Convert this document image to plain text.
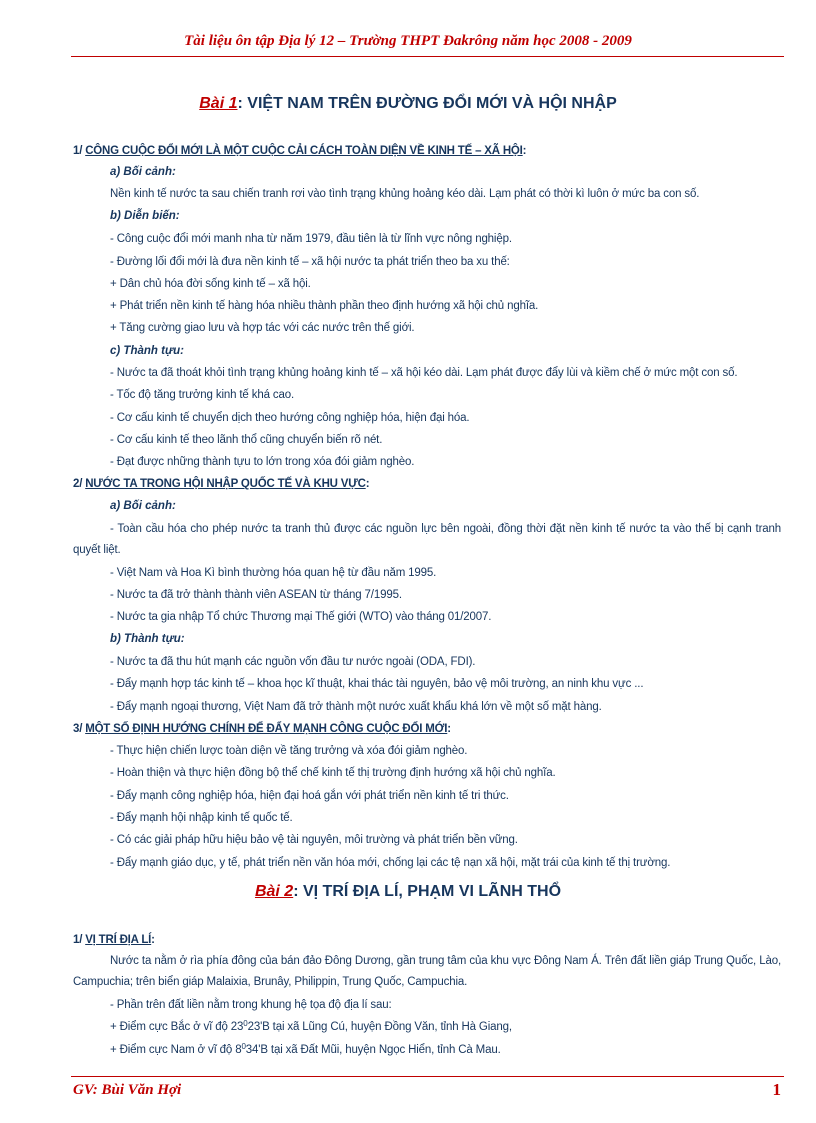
Tài liệu ôn tập Địa lý 12 – Trường THPT Đakrông năm học 2008 - 2009
Bài 1: VIỆT NAM TRÊN ĐƯỜNG ĐỔI MỚI VÀ HỘI NHẬP
1/ CÔNG CUỘC ĐỔI MỚI LÀ MỘT CUỘC CẢI CÁCH TOÀN DIỆN VỀ KINH TẾ – XÃ HỘI:
a) Bối cảnh:
Nền kinh tế nước ta sau chiến tranh rơi vào tình trạng khủng hoảng kéo dài. Lạm phát có thời kì luôn ở mức ba con số.
b) Diễn biến:
- Công cuộc đổi mới manh nha từ năm 1979, đầu tiên là từ lĩnh vực nông nghiệp.
- Đường lối đổi mới là đưa nền kinh tế – xã hội nước ta phát triển theo ba xu thế:
+ Dân chủ hóa đời sống kinh tế – xã hội.
+ Phát triển nền kinh tế hàng hóa nhiều thành phần theo định hướng xã hội chủ nghĩa.
+ Tăng cường giao lưu và hợp tác với các nước trên thế giới.
c) Thành tựu:
- Nước ta đã thoát khỏi tình trạng khủng hoảng kinh tế – xã hội kéo dài. Lạm phát được đẩy lùi và kiềm chế ở mức một con số.
- Tốc độ tăng trưởng kinh tế khá cao.
- Cơ cấu kinh tế chuyển dịch theo hướng công nghiệp hóa, hiện đại hóa.
- Cơ cấu kinh tế theo lãnh thổ cũng chuyển biến rõ nét.
- Đạt được những thành tựu to lớn trong xóa đói giảm nghèo.
2/ NƯỚC TA TRONG HỘI NHẬP QUỐC TẾ VÀ KHU VỰC:
a) Bối cảnh:
- Toàn cầu hóa cho phép nước ta tranh thủ được các nguồn lực bên ngoài, đồng thời đặt nền kinh tế nước ta vào thế bị cạnh tranh quyết liệt.
- Việt Nam và Hoa Kì bình thường hóa quan hệ từ đầu năm 1995.
- Nước ta đã trở thành thành viên ASEAN từ tháng 7/1995.
- Nước ta gia nhập Tổ chức Thương mại Thế giới (WTO) vào tháng 01/2007.
b) Thành tựu:
- Nước ta đã thu hút mạnh các nguồn vốn đầu tư nước ngoài (ODA, FDI).
- Đẩy mạnh hợp tác kinh tế – khoa học kĩ thuật, khai thác tài nguyên, bảo vệ môi trường, an ninh khu vực ...
- Đẩy mạnh ngoại thương, Việt Nam đã trở thành một nước xuất khẩu khá lớn về một số mặt hàng.
3/ MỘT SỐ ĐỊNH HƯỚNG CHÍNH ĐỂ ĐẨY MẠNH CÔNG CUỘC ĐỔI MỚI:
- Thực hiện chiến lược toàn diện về tăng trưởng và xóa đói giảm nghèo.
- Hoàn thiện và thực hiện đồng bộ thể chế kinh tế thị trường định hướng xã hội chủ nghĩa.
- Đẩy mạnh công nghiệp hóa, hiện đại hoá gắn với phát triển nền kinh tế tri thức.
- Đẩy mạnh hội nhập kinh tế quốc tế.
- Có các giải pháp hữu hiệu bảo vệ tài nguyên, môi trường và phát triển bền vững.
- Đẩy mạnh giáo dục, y tế, phát triển nền văn hóa mới, chống lại các tệ nạn xã hội, mặt trái của kinh tế thị trường.
Bài 2: VỊ TRÍ ĐỊA LÍ, PHẠM VI LÃNH THỔ
1/ VỊ TRÍ ĐỊA LÍ:
Nước ta nằm ở rìa phía đông của bán đảo Đông Dương, gần trung tâm của khu vực Đông Nam Á. Trên đất liền giáp Trung Quốc, Lào, Campuchia; trên biển giáp Malaixia, Brunây, Philippin, Trung Quốc, Campuchia.
- Phần trên đất liền nằm trong khung hệ tọa độ địa lí sau:
+ Điểm cực Bắc ở vĩ độ $23^023'B$ tại xã Lũng Cú, huyện Đồng Văn, tỉnh Hà Giang,
+ Điểm cực Nam ở vĩ độ $8^034'B$ tại xã Đất Mũi, huyện Ngọc Hiển, tỉnh Cà Mau.
GV: Bùi Văn Hợi	1
